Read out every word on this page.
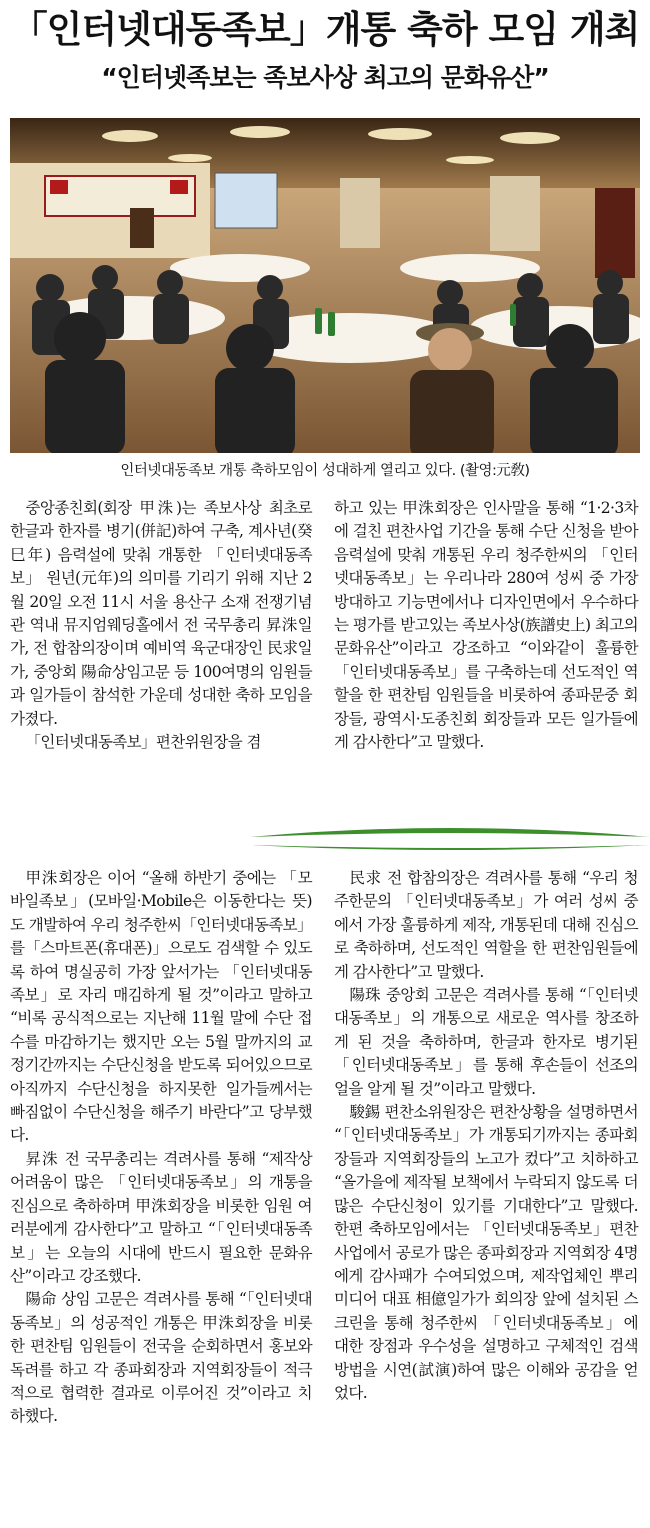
「인터넷대동족보」개통 축하 모임 개최
“인터넷족보는 족보사상 최고의 문화유산”

인터넷대동족보 개통 축하모임이 성대하게 열리고 있다. (촬영:元敎)

중앙종친회(회장 甲洙)는 족보사상 최초로 한글과 한자를 병기(併記)하여 구축, 계사년(癸巳年) 음력설에 맞춰 개통한 「인터넷대동족보」 원년(元年)의 의미를 기리기 위해 지난 2월 20일 오전 11시 서울 용산구 소재 전쟁기념관 역내 뮤지엄웨딩홀에서 전 국무총리 昇洙일가, 전 합참의장이며 예비역 육군대장인 民求일가, 중앙회 陽命상임고문 등 100여명의 임원들과 일가들이 참석한 가운데 성대한 축하 모임을 가졌다.

「인터넷대동족보」편찬위원장을 겸

하고 있는 甲洙회장은 인사말을 통해 “1·2·3차에 걸친 편찬사업 기간을 통해 수단 신청을 받아 음력설에 맞춰 개통된 우리 청주한씨의 「인터넷대동족보」는 우리나라 280여 성씨 중 가장 방대하고 기능면에서나 디자인면에서 우수하다는 평가를 받고있는 족보사상(族譜史上) 최고의 문화유산”이라고 강조하고 “이와같이 훌륭한 「인터넷대동족보」를 구축하는데 선도적인 역할을 한 편찬팀 임원들을 비롯하여 종파문중 회장들, 광역시·도종친회 회장들과 모든 일가들에게 감사한다”고 말했다.

甲洙회장은 이어 “올해 하반기 중에는 「모바일족보」(모바일·Mobile은 이동한다는 뜻)도 개발하여 우리 청주한씨「인터넷대동족보」를「스마트폰(휴대폰)」으로도 검색할 수 있도록 하여 명실공히 가장 앞서가는 「인터넷대동족보」로 자리 매김하게 될 것”이라고 말하고 “비록 공식적으로는 지난해 11월 말에 수단 접수를 마감하기는 했지만 오는 5월 말까지의 교정기간까지는 수단신청을 받도록 되어있으므로 아직까지 수단신청을 하지못한 일가들께서는 빠짐없이 수단신청을 해주기 바란다”고 당부했다.

昇洙 전 국무총리는 격려사를 통해 “제작상 어려움이 많은 「인터넷대동족보」의 개통을 진심으로 축하하며 甲洙회장을 비롯한 임원 여러분에게 감사한다”고 말하고 “「인터넷대동족보」는 오늘의 시대에 반드시 필요한 문화유산”이라고 강조했다.

陽命 상임 고문은 격려사를 통해 “「인터넷대동족보」의 성공적인 개통은 甲洙회장을 비롯한 편찬팀 임원들이 전국을 순회하면서 홍보와 독려를 하고 각 종파회장과 지역회장들이 적극적으로 협력한 결과로 이루어진 것”이라고 치하했다.

民求 전 합참의장은 격려사를 통해 “우리 청주한문의 「인터넷대동족보」가 여러 성씨 중에서 가장 훌륭하게 제작, 개통된데 대해 진심으로 축하하며, 선도적인 역할을 한 편찬임원들에게 감사한다”고 말했다.

陽珠 중앙회 고문은 격려사를 통해 “「인터넷대동족보」의 개통으로 새로운 역사를 창조하게 된 것을 축하하며, 한글과 한자로 병기된 「인터넷대동족보」를 통해 후손들이 선조의 얼을 알게 될 것”이라고 말했다.

駿錫 편찬소위원장은 편찬상황을 설명하면서 “「인터넷대동족보」가 개통되기까지는 종파회장들과 지역회장들의 노고가 컸다”고 치하하고 “올가을에 제작될 보책에서 누락되지 않도록 더 많은 수단신청이 있기를 기대한다”고 말했다. 한편 축하모임에서는 「인터넷대동족보」편찬사업에서 공로가 많은 종파회장과 지역회장 4명에게 감사패가 수여되었으며, 제작업체인 뿌리미디어 대표 相億일가가 회의장 앞에 설치된 스크린을 통해 청주한씨 「인터넷대동족보」에 대한 장점과 우수성을 설명하고 구체적인 검색방법을 시연(試演)하여 많은 이해와 공감을 얻었다.
